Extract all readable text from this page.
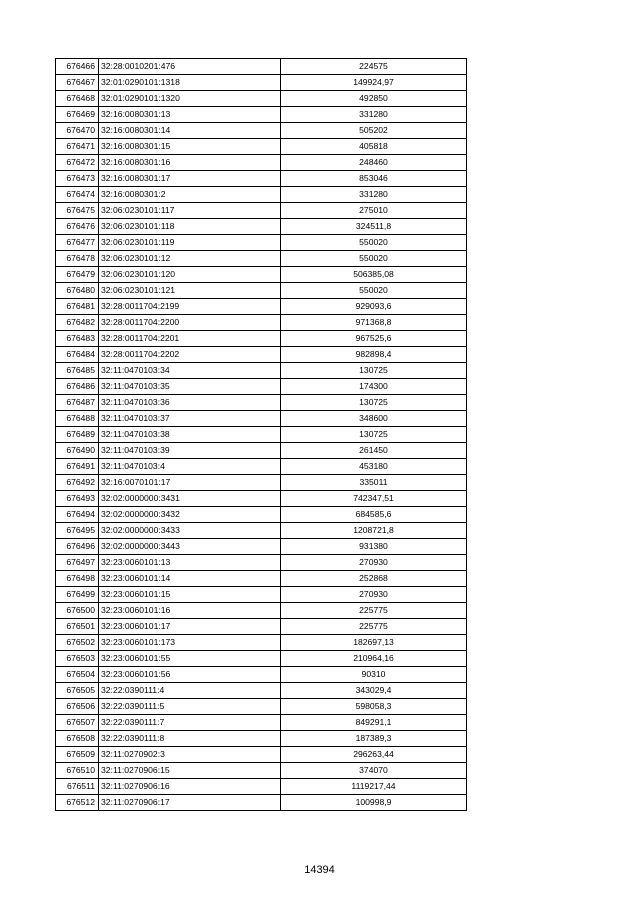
676466	32:28:0010201:476	224575
676467	32:01:0290101:1318	149924,97
676468	32:01:0290101:1320	492850
676469	32:16:0080301:13	331280
676470	32:16:0080301:14	505202
676471	32:16:0080301:15	405818
676472	32:16:0080301:16	248460
676473	32:16:0080301:17	853046
676474	32:16:0080301:2	331280
676475	32:06:0230101:117	275010
676476	32:06:0230101:118	324511,8
676477	32:06:0230101:119	550020
676478	32:06:0230101:12	550020
676479	32:06:0230101:120	506385,08
676480	32:06:0230101:121	550020
676481	32:28:0011704:2199	929093,6
676482	32:28:0011704:2200	971368,8
676483	32:28:0011704:2201	967525,6
676484	32:28:0011704:2202	982898,4
676485	32:11:0470103:34	130725
676486	32:11:0470103:35	174300
676487	32:11:0470103:36	130725
676488	32:11:0470103:37	348600
676489	32:11:0470103:38	130725
676490	32:11:0470103:39	261450
676491	32:11:0470103:4	453180
676492	32:16:0070101:17	335011
676493	32:02:0000000:3431	742347,51
676494	32:02:0000000:3432	684585,6
676495	32:02:0000000:3433	1208721,8
676496	32:02:0000000:3443	931380
676497	32:23:0060101:13	270930
676498	32:23:0060101:14	252868
676499	32:23:0060101:15	270930
676500	32:23:0060101:16	225775
676501	32:23:0060101:17	225775
676502	32:23:0060101:173	182697,13
676503	32:23:0060101:55	210964,16
676504	32:23:0060101:56	90310
676505	32:22:0390111:4	343029,4
676506	32:22:0390111:5	598058,3
676507	32:22:0390111:7	849291,1
676508	32:22:0390111:8	187389,3
676509	32:11:0270902:3	296263,44
676510	32:11:0270906:15	374070
676511	32:11:0270906:16	1119217,44
676512	32:11:0270906:17	100998,9
14394
